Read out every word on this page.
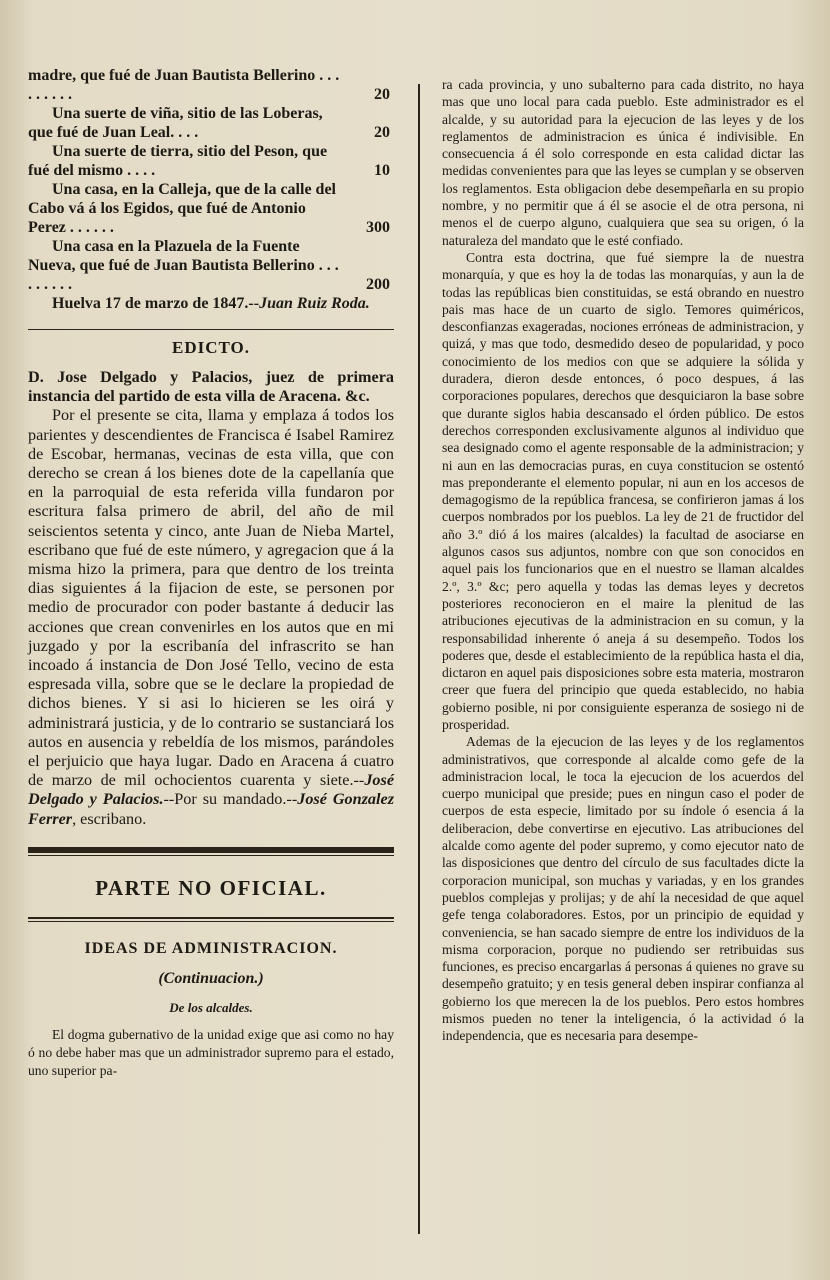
madre, que fué de Juan Bautista Bellerino . . . . . . . . .	20

Una suerte de viña, sitio de las Loberas, que fué de Juan Leal. . . .	20

Una suerte de tierra, sitio del Peson, que fué del mismo . . . .	10

Una casa, en la Calleja, que de la calle del Cabo vá á los Egidos, que fué de Antonio Perez . . . . . .	300

Una casa en la Plazuela de la Fuente Nueva, que fué de Juan Bautista Bellerino . . . . . . . . .	200

Huelva 17 de marzo de 1847.--Juan Ruiz Roda.

EDICTO.

D. Jose Delgado y Palacios, juez de primera instancia del partido de esta villa de Aracena. &c.

Por el presente se cita, llama y emplaza á todos los parientes y descendientes de Francisca é Isabel Ramirez de Escobar, hermanas, vecinas de esta villa, que con derecho se crean á los bienes dote de la capellanía que en la parroquial de esta referida villa fundaron por escritura falsa primero de abril, del año de mil seiscientos setenta y cinco, ante Juan de Nieba Martel, escribano que fué de este número, y agregacion que á la misma hizo la primera, para que dentro de los treinta dias siguientes á la fijacion de este, se personen por medio de procurador con poder bastante á deducir las acciones que crean convenirles en los autos que en mi juzgado y por la escribanía del infrascrito se han incoado á instancia de Don José Tello, vecino de esta espresada villa, sobre que se le declare la propiedad de dichos bienes. Y si asi lo hicieren se les oirá y administrará justicia, y de lo contrario se sustanciará los autos en ausencia y rebeldía de los mismos, parándoles el perjuicio que haya lugar. Dado en Aracena á cuatro de marzo de mil ochocientos cuarenta y siete.--José Delgado y Palacios.--Por su mandado.--José Gonzalez Ferrer, escribano.

PARTE NO OFICIAL.
IDEAS DE ADMINISTRACION.
(Continuacion.)
De los alcaldes.

El dogma gubernativo de la unidad exige que asi como no hay ó no debe haber mas que un administrador supremo para el estado, uno superior pa-

ra cada provincia, y uno subalterno para cada distrito, no haya mas que uno local para cada pueblo. Este administrador es el alcalde, y su autoridad para la ejecucion de las leyes y de los reglamentos de administracion es única é indivisible. En consecuencia á él solo corresponde en esta calidad dictar las medidas convenientes para que las leyes se cumplan y se observen los reglamentos. Esta obligacion debe desempeñarla en su propio nombre, y no permitir que á él se asocie el de otra persona, ni menos el de cuerpo alguno, cualquiera que sea su origen, ó la naturaleza del mandato que le esté confiado.

Contra esta doctrina, que fué siempre la de nuestra monarquía, y que es hoy la de todas las monarquías, y aun la de todas las repúblicas bien constituidas, se está obrando en nuestro pais mas hace de un cuarto de siglo. Temores quiméricos, desconfianzas exageradas, nociones erróneas de administracion, y quizá, y mas que todo, desmedido deseo de popularidad, y poco conocimiento de los medios con que se adquiere la sólida y duradera, dieron desde entonces, ó poco despues, á las corporaciones populares, derechos que desquiciaron la base sobre que durante siglos habia descansado el órden público. De estos derechos corresponden exclusivamente algunos al individuo que sea designado como el agente responsable de la administracion; y ni aun en las democracias puras, en cuya constitucion se ostentó mas preponderante el elemento popular, ni aun en los accesos de demagogismo de la república francesa, se confirieron jamas á los cuerpos nombrados por los pueblos. La ley de 21 de fructidor del año 3.º dió á los maires (alcaldes) la facultad de asociarse en algunos casos sus adjuntos, nombre con que son conocidos en aquel pais los funcionarios que en el nuestro se llaman alcaldes 2.º, 3.º &c; pero aquella y todas las demas leyes y decretos posteriores reconocieron en el maire la plenitud de las atribuciones ejecutivas de la administracion en su comun, y la responsabilidad inherente ó aneja á su desempeño. Todos los poderes que, desde el establecimiento de la república hasta el dia, dictaron en aquel pais disposiciones sobre esta materia, mostraron creer que fuera del principio que queda establecido, no habia gobierno posible, ni por consiguiente esperanza de sosiego ni de prosperidad.

Ademas de la ejecucion de las leyes y de los reglamentos administrativos, que corresponde al alcalde como gefe de la administracion local, le toca la ejecucion de los acuerdos del cuerpo municipal que preside; pues en ningun caso el poder de cuerpos de esta especie, limitado por su índole ó esencia á la deliberacion, debe convertirse en ejecutivo. Las atribuciones del alcalde como agente del poder supremo, y como ejecutor nato de las disposiciones que dentro del círculo de sus facultades dicte la corporacion municipal, son muchas y variadas, y en los grandes pueblos complejas y prolijas; y de ahí la necesidad de que aquel gefe tenga colaboradores. Estos, por un principio de equidad y conveniencia, se han sacado siempre de entre los individuos de la misma corporacion, porque no pudiendo ser retribuidas sus funciones, es preciso encargarlas á personas á quienes no grave su desempeño gratuito; y en tesis general deben inspirar confianza al gobierno los que merecen la de los pueblos. Pero estos hombres mismos pueden no tener la inteligencia, ó la actividad ó la independencia, que es necesaria para desempe-
